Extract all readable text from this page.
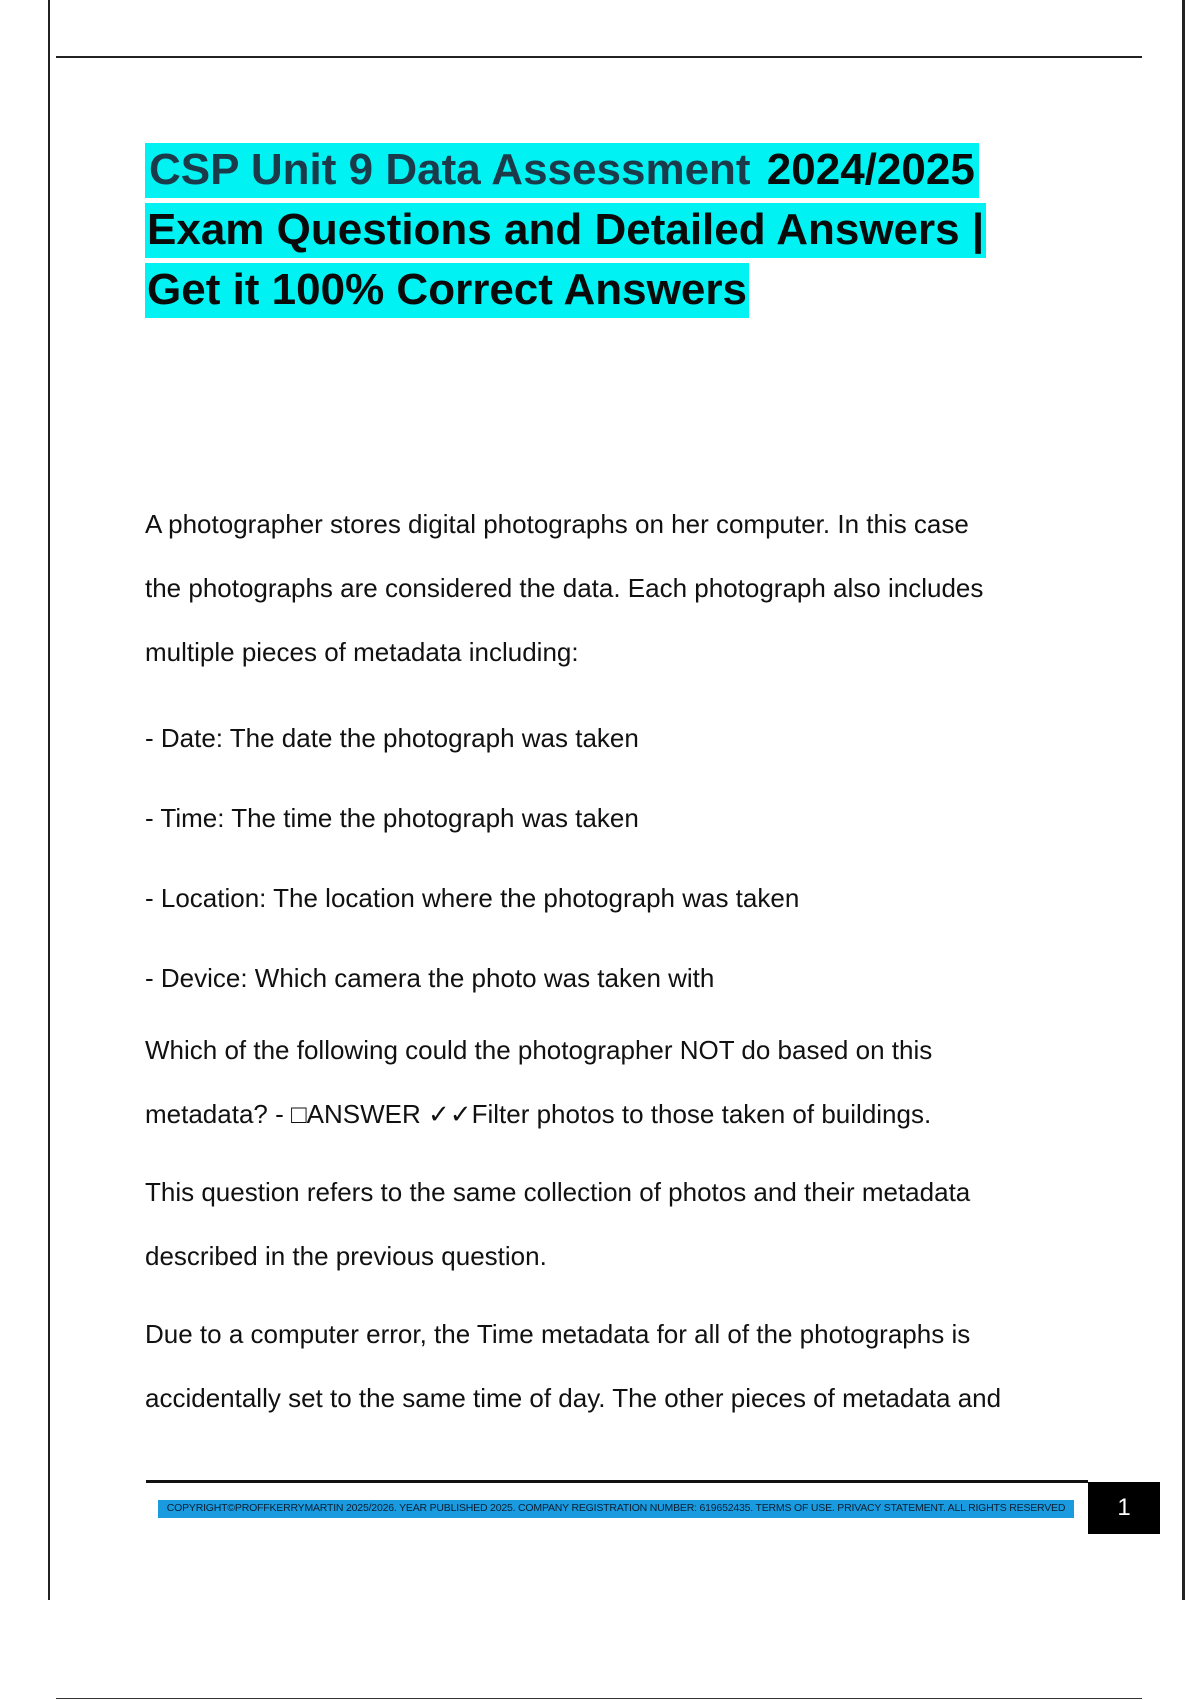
CSP Unit 9 Data Assessment 2024/2025
Exam Questions and Detailed Answers |
Get it 100% Correct Answers

A photographer stores digital photographs on her computer. In this case

the photographs are considered the data. Each photograph also includes

multiple pieces of metadata including:

- Date: The date the photograph was taken

- Time: The time the photograph was taken

- Location: The location where the photograph was taken

- Device: Which camera the photo was taken with

Which of the following could the photographer NOT do based on this

metadata? - □ANSWER ✓✓Filter photos to those taken of buildings.

This question refers to the same collection of photos and their metadata

described in the previous question.

Due to a computer error, the Time metadata for all of the photographs is

accidentally set to the same time of day. The other pieces of metadata and

COPYRIGHT©PROFFKERRYMARTIN 2025/2026. YEAR PUBLISHED 2025. COMPANY REGISTRATION NUMBER: 619652435. TERMS OF USE. PRIVACY STATEMENT. ALL RIGHTS RESERVED	1
